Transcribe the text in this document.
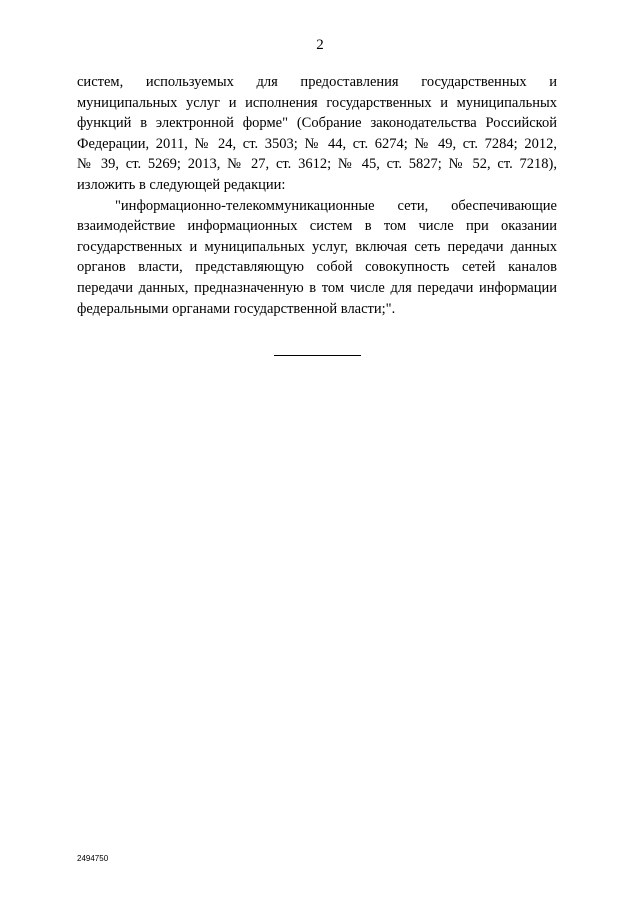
2
систем, используемых для предоставления государственных и
муниципальных услуг и исполнения государственных и муниципальных
функций в электронной форме" (Собрание законодательства Российской
Федерации, 2011, № 24, ст. 3503; № 44, ст. 6274; № 49, ст. 7284; 2012,
№ 39, ст. 5269; 2013, № 27, ст. 3612; № 45, ст. 5827; № 52, ст. 7218),
изложить в следующей редакции:
"информационно-телекоммуникационные сети, обеспечивающие
взаимодействие информационных систем в том числе при оказании
государственных и муниципальных услуг, включая сеть передачи данных
органов власти, представляющую собой совокупность сетей каналов
передачи данных, предназначенную в том числе для передачи информации
федеральными органами государственной власти;".
2494750
